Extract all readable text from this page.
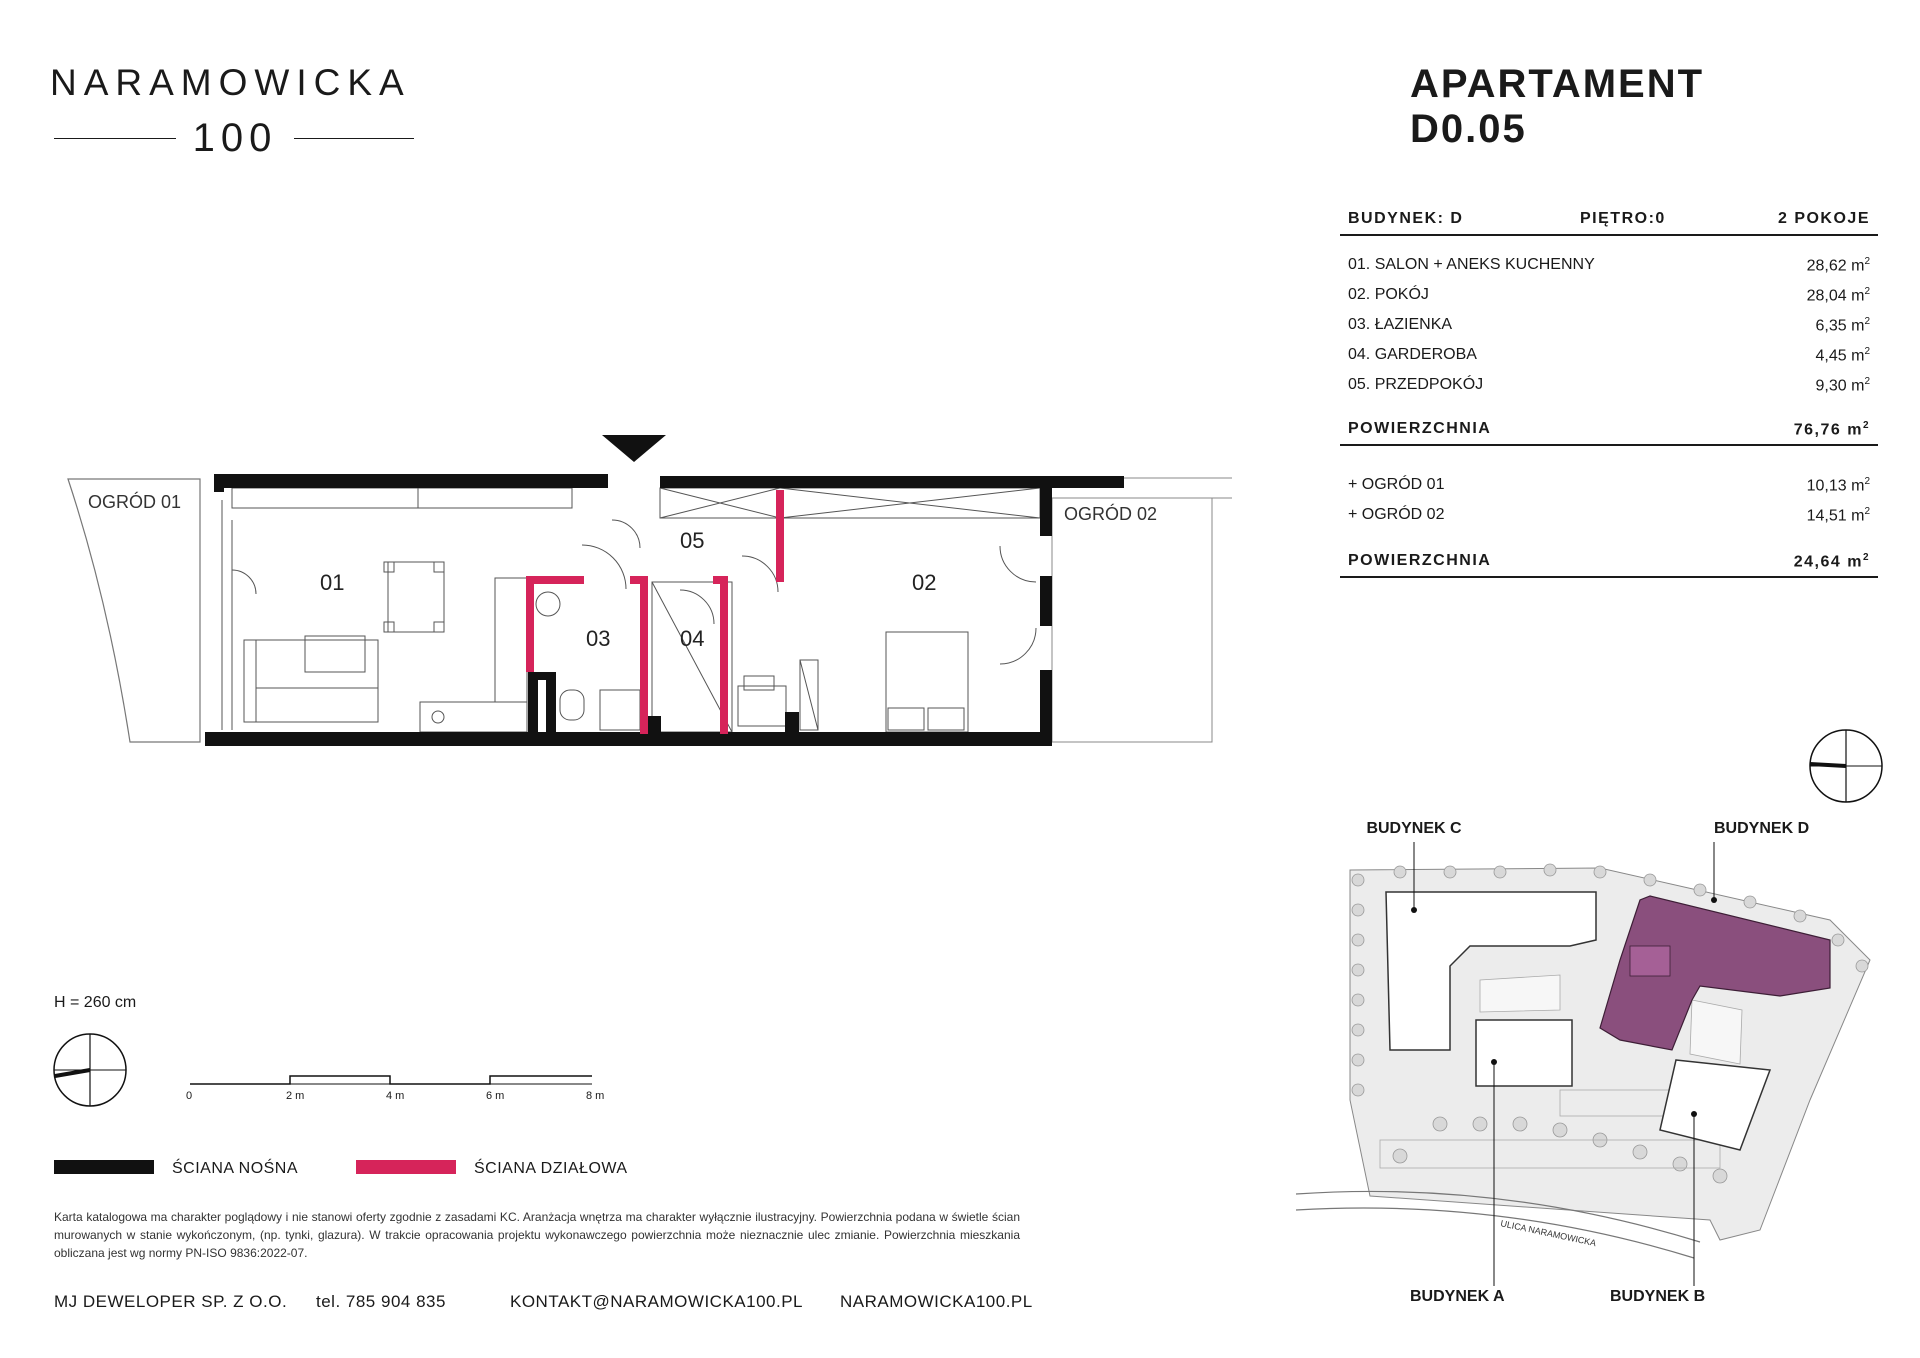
NARAMOWICKA
100
APARTAMENT D0.05
BUDYNEK: D	PIĘTRO:0	2 POKOJE
01. SALON + ANEKS KUCHENNY	28,62 $m^2$
02. POKÓJ	28,04 $m^2$
03. ŁAZIENKA	6,35 $m^2$
04. GARDEROBA	4,45 $m^2$
05. PRZEDPOKÓJ	9,30 $m^2$
POWIERZCHNIA	76,76 $m^2$
+ OGRÓD 01	10,13 $m^2$
+ OGRÓD 02	14,51 $m^2$
POWIERZCHNIA	24,64 $m^2$
OGRÓD 01
OGRÓD 02
01	02
03	04
05
H = 260 cm
0	2 m	4 m	6 m	8 m
ŚCIANA NOŚNA	ŚCIANA DZIAŁOWA
Karta katalogowa ma charakter poglądowy i nie stanowi oferty zgodnie z zasadami KC. Aranżacja wnętrza ma charakter wyłącznie ilustracyjny. Powierzchnia podana w świetle ścian murowanych w stanie wykończonym, (np. tynki, glazura). W trakcie opracowania projektu wykonawczego powierzchnia może nieznacznie ulec zmianie. Powierzchnia mieszkania obliczana jest wg normy PN-ISO 9836:2022-07.
MJ DEWELOPER SP. Z O.O. tel. 785 904 835	KONTAKT@NARAMOWICKA100.PL NARAMOWICKA100.PL
ULICA NARAMOWICKA
BUDYNEK C	BUDYNEK D
BUDYNEK A	BUDYNEK B
